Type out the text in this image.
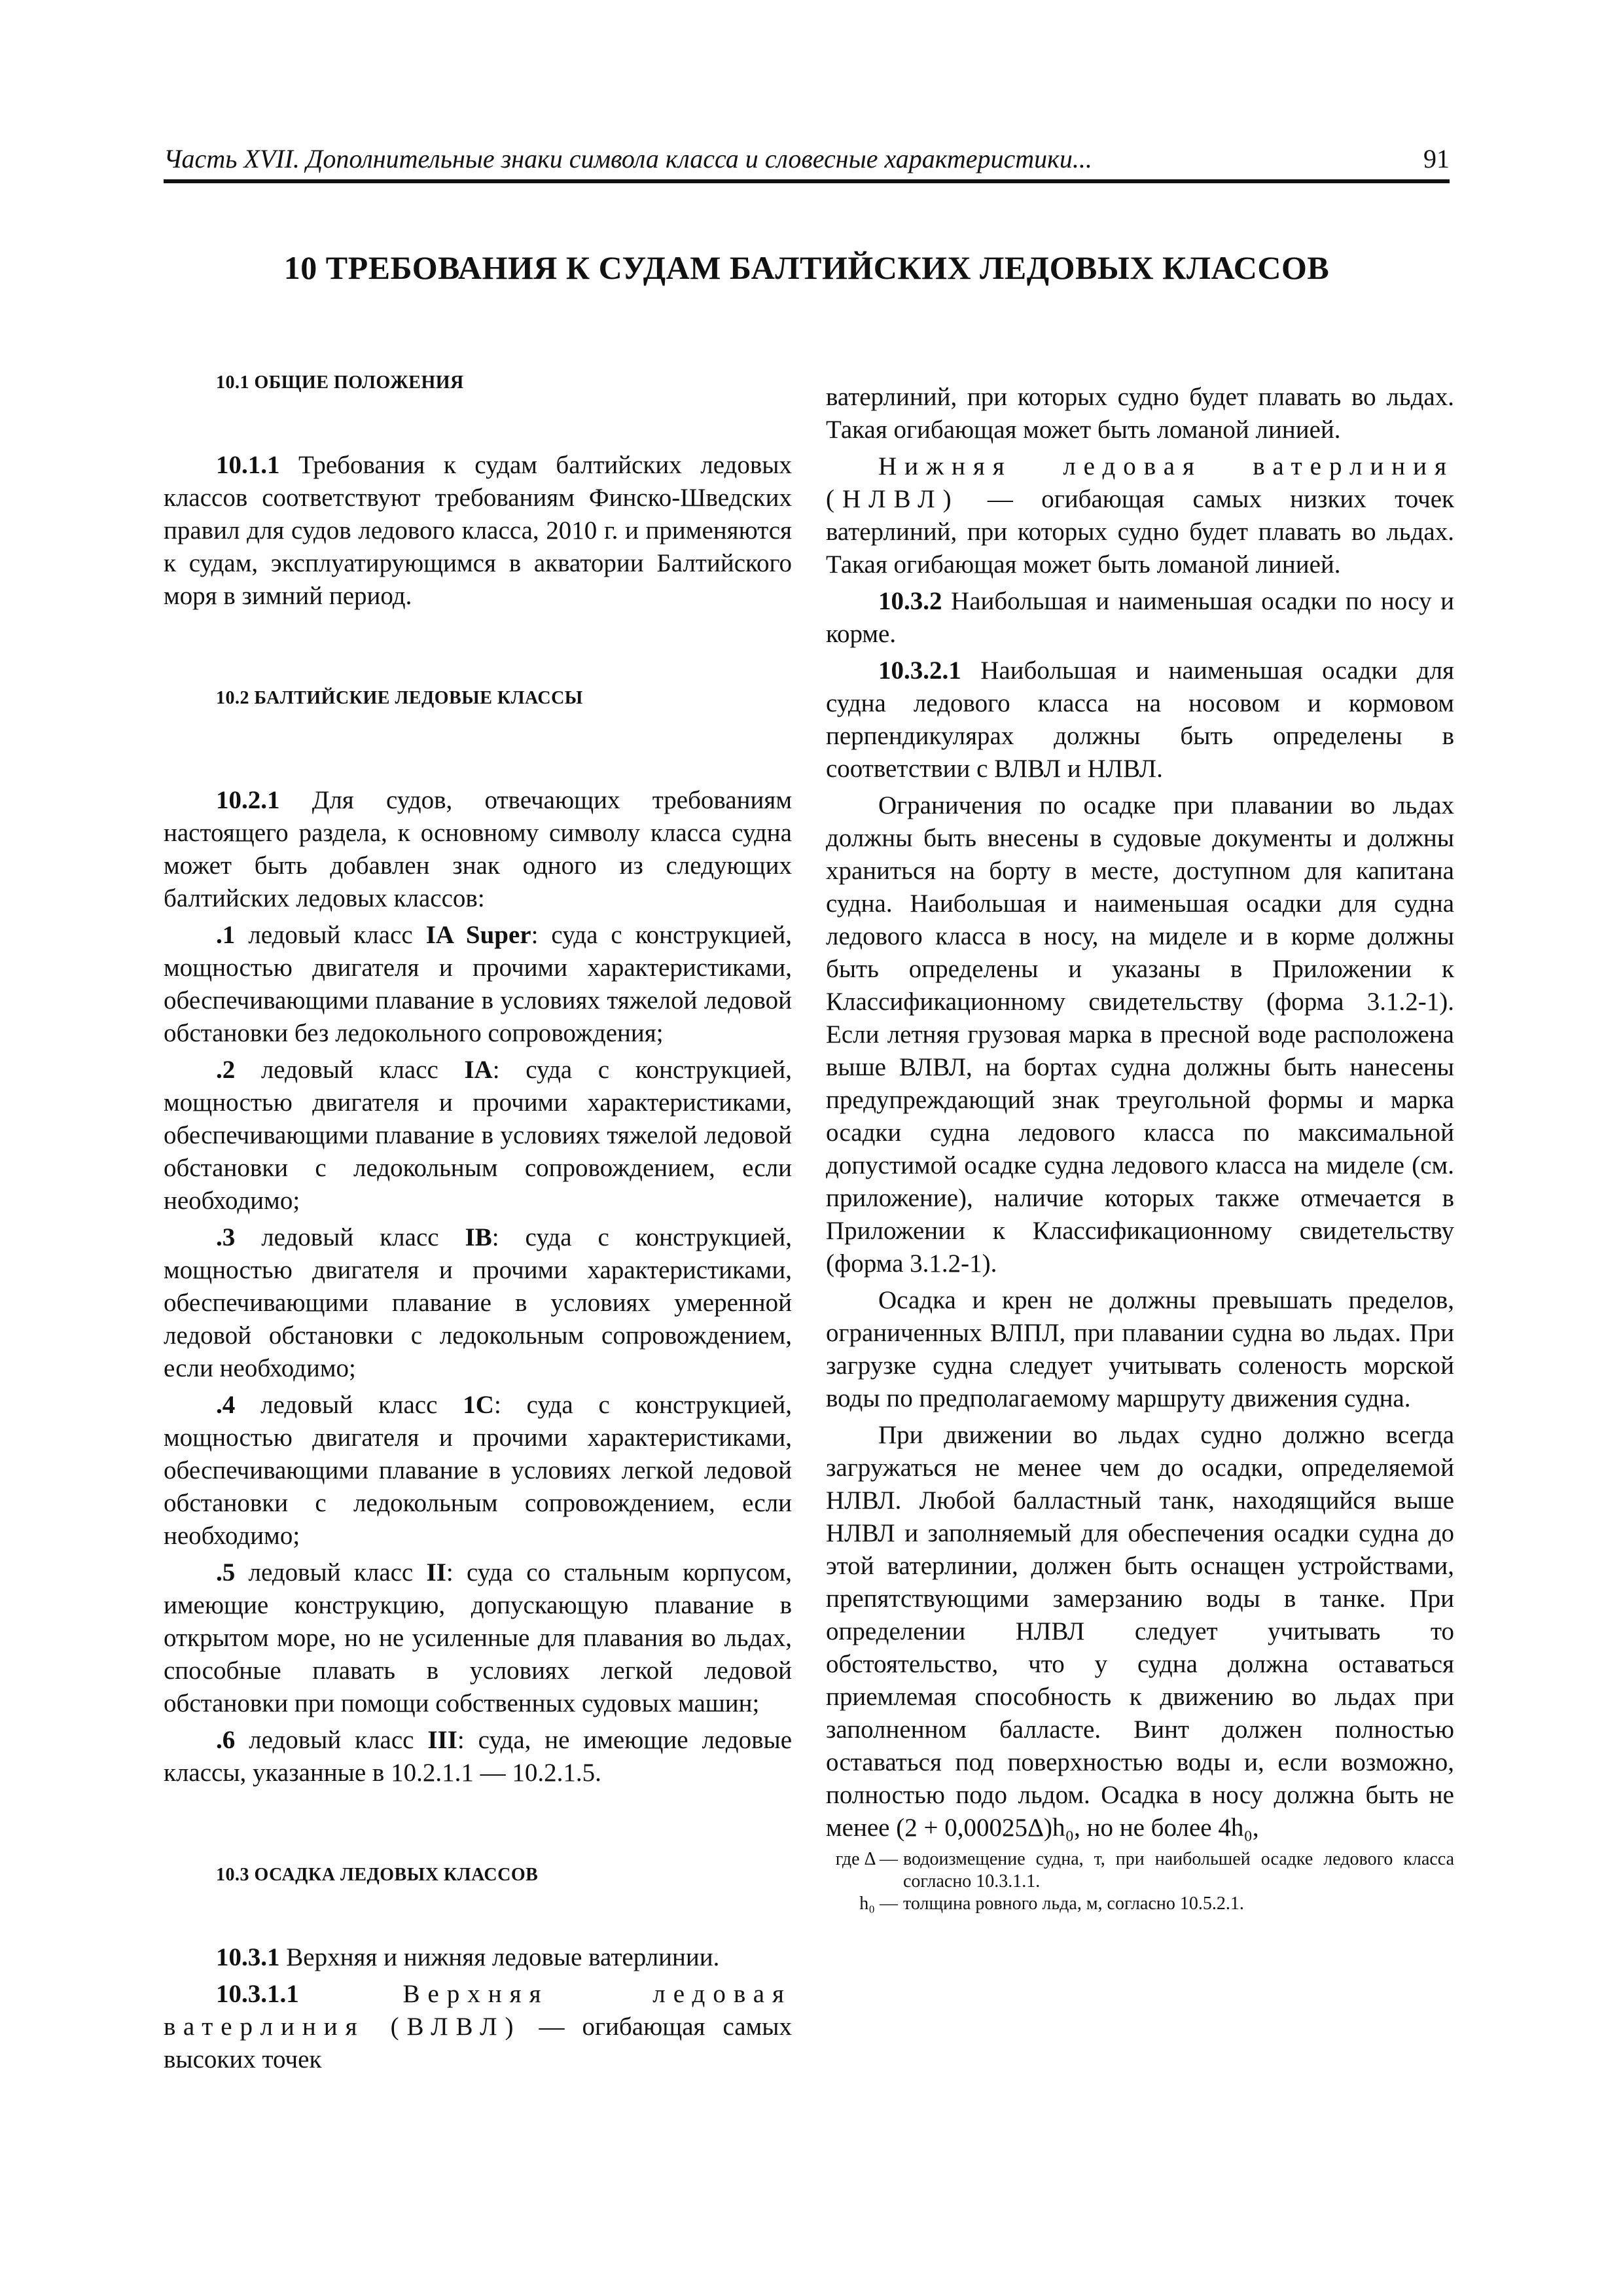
Часть XVII. Дополнительные знаки символа класса и словесные характеристики...	91
10 ТРЕБОВАНИЯ К СУДАМ БАЛТИЙСКИХ ЛЕДОВЫХ КЛАССОВ

10.1 ОБЩИЕ ПОЛОЖЕНИЯ

10.1.1 Требования к судам балтийских ледовых классов соответствуют требованиям Финско-Шведских правил для судов ледового класса, 2010 г. и применяются к судам, эксплуатирующимся в акватории Балтийского моря в зимний период.

10.2 БАЛТИЙСКИЕ ЛЕДОВЫЕ КЛАССЫ

10.2.1 Для судов, отвечающих требованиям настоящего раздела, к основному символу класса судна может быть добавлен знак одного из следующих балтийских ледовых классов:

.1 ледовый класс IA Super: суда с конструкцией, мощностью двигателя и прочими характеристиками, обеспечивающими плавание в условиях тяжелой ледовой обстановки без ледокольного сопровождения;

.2 ледовый класс IA: суда с конструкцией, мощностью двигателя и прочими характеристиками, обеспечивающими плавание в условиях тяжелой ледовой обстановки с ледокольным сопровождением, если необходимо;

.3 ледовый класс IB: суда с конструкцией, мощностью двигателя и прочими характеристиками, обеспечивающими плавание в условиях умеренной ледовой обстановки с ледокольным сопровождением, если необходимо;

.4 ледовый класс 1C: суда с конструкцией, мощностью двигателя и прочими характеристиками, обеспечивающими плавание в условиях легкой ледовой обстановки с ледокольным сопровождением, если необходимо;

.5 ледовый класс II: суда со стальным корпусом, имеющие конструкцию, допускающую плавание в открытом море, но не усиленные для плавания во льдах, способные плавать в условиях легкой ледовой обстановки при помощи собственных судовых машин;

.6 ледовый класс III: суда, не имеющие ледовые классы, указанные в 10.2.1.1 — 10.2.1.5.

10.3 ОСАДКА ЛЕДОВЫХ КЛАССОВ

10.3.1 Верхняя и нижняя ледовые ватерлинии.

10.3.1.1 Верхняя ледовая ватерлиния (ВЛВЛ) — огибающая самых высоких точек

ватерлиний, при которых судно будет плавать во льдах. Такая огибающая может быть ломаной линией.

Нижняя ледовая ватерлиния (НЛВЛ) — огибающая самых низких точек ватерлиний, при которых судно будет плавать во льдах. Такая огибающая может быть ломаной линией.

10.3.2 Наибольшая и наименьшая осадки по носу и корме.

10.3.2.1 Наибольшая и наименьшая осадки для судна ледового класса на носовом и кормовом перпендикулярах должны быть определены в соответствии с ВЛВЛ и НЛВЛ.

Ограничения по осадке при плавании во льдах должны быть внесены в судовые документы и должны храниться на борту в месте, доступном для капитана судна. Наибольшая и наименьшая осадки для судна ледового класса в носу, на миделе и в корме должны быть определены и указаны в Приложении к Классификационному свидетельству (форма 3.1.2-1). Если летняя грузовая марка в пресной воде расположена выше ВЛВЛ, на бортах судна должны быть нанесены предупреждающий знак треугольной формы и марка осадки судна ледового класса по максимальной допустимой осадке судна ледового класса на миделе (см. приложение), наличие которых также отмечается в Приложении к Классификационному свидетельству (форма 3.1.2-1).

Осадка и крен не должны превышать пределов, ограниченных ВЛПЛ, при плавании судна во льдах. При загрузке судна следует учитывать соленость морской воды по предполагаемому маршруту движения судна.

При движении во льдах судно должно всегда загружаться не менее чем до осадки, определяемой НЛВЛ. Любой балластный танк, находящийся выше НЛВЛ и заполняемый для обеспечения осадки судна до этой ватерлинии, должен быть оснащен устройствами, препятствующими замерзанию воды в танке. При определении НЛВЛ следует учитывать то обстоятельство, что у судна должна оставаться приемлемая способность к движению во льдах при заполненном балласте. Винт должен полностью оставаться под поверхностью воды и, если возможно, полностью подо льдом. Осадка в носу должна быть не менее (2 + 0,00025Δ)h₀, но не более 4h₀,

где Δ — водоизмещение судна, т, при наибольшей осадке ледового класса согласно 10.3.1.1.
h₀ — толщина ровного льда, м, согласно 10.5.2.1.
